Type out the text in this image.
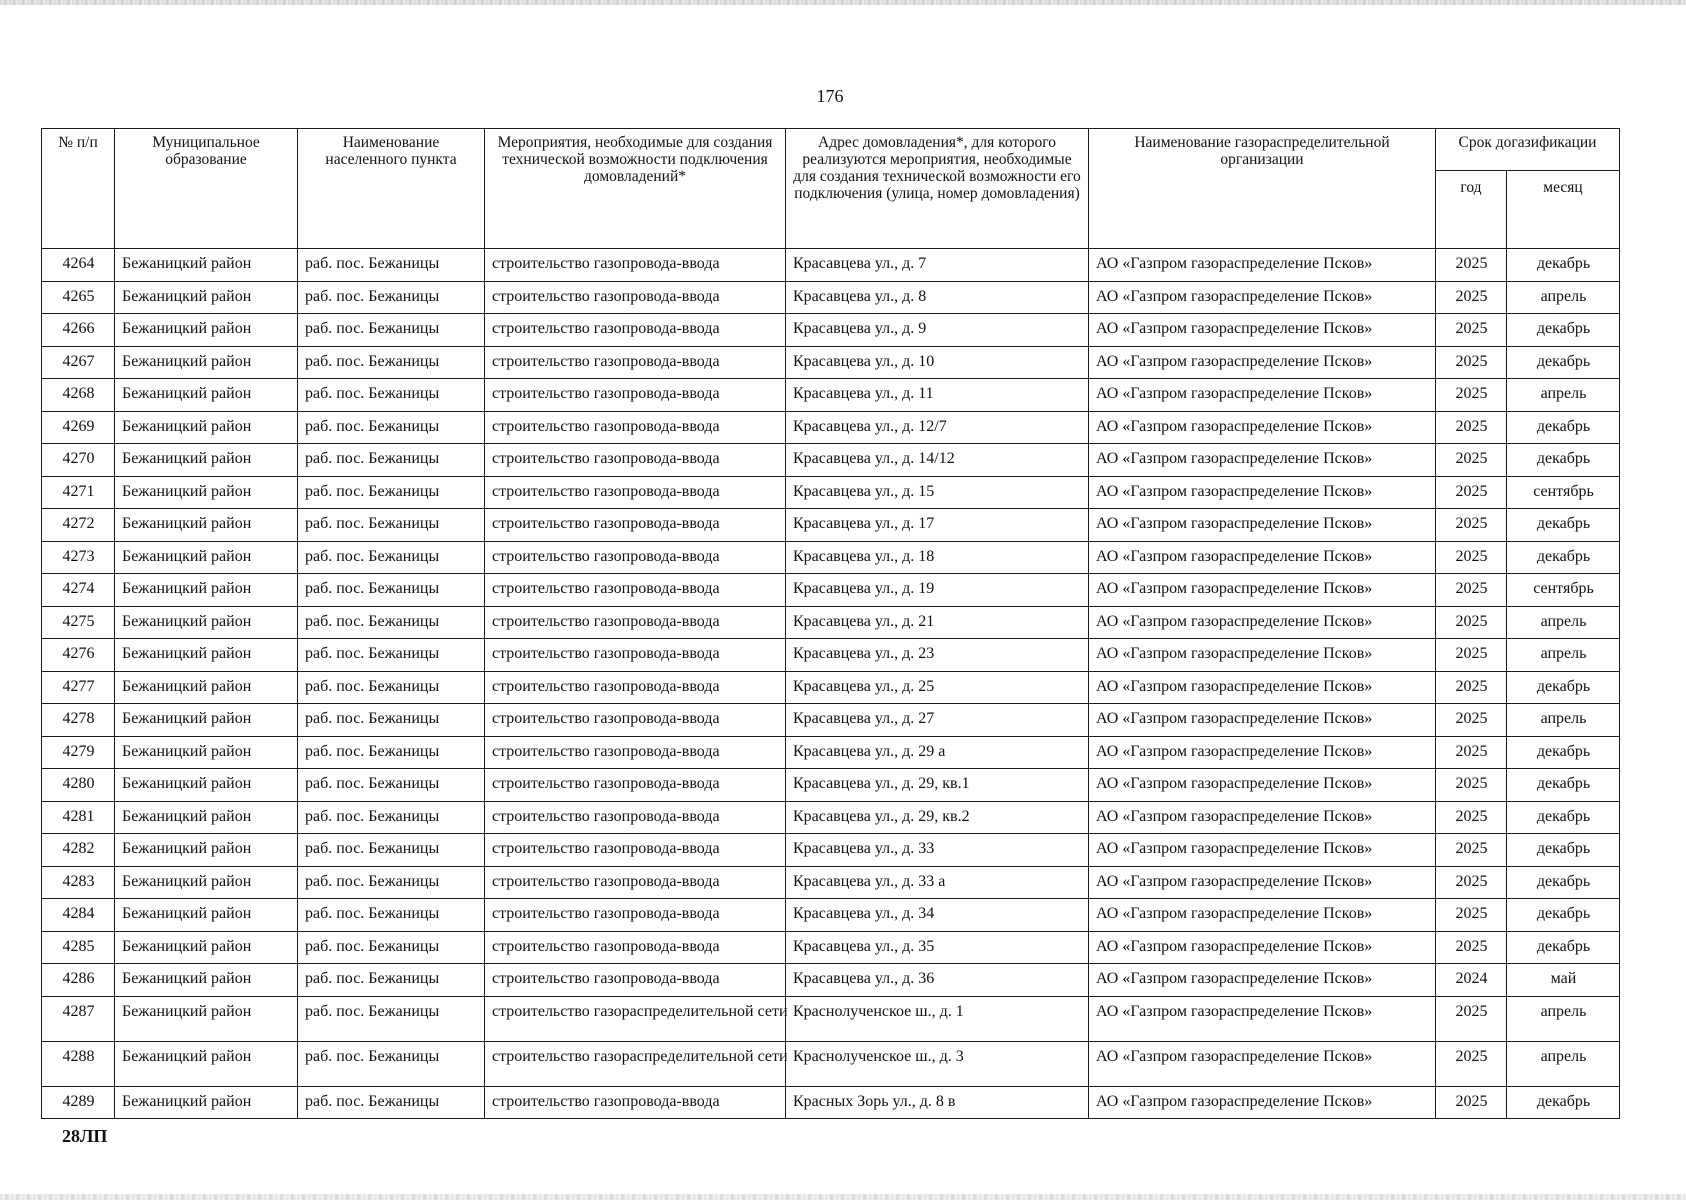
176
№ п/п	Муниципальное образование	Наименование населенного пункта	Мероприятия, необходимые для создания технической возможности подключения домовладений*	Адрес домовладения*, для которого реализуются мероприятия, необходимые для создания технической возможности его подключения (улица, номер домовладения)	Наименование газораспределительной организации	Срок догазификации	
						год	месяц
4264	Бежаницкий район	раб. пос. Бежаницы	строительство газопровода-ввода	Красавцева ул., д. 7	АО «Газпром газораспределение Псков»	2025	декабрь
4265	Бежаницкий район	раб. пос. Бежаницы	строительство газопровода-ввода	Красавцева ул., д. 8	АО «Газпром газораспределение Псков»	2025	апрель
4266	Бежаницкий район	раб. пос. Бежаницы	строительство газопровода-ввода	Красавцева ул., д. 9	АО «Газпром газораспределение Псков»	2025	декабрь
4267	Бежаницкий район	раб. пос. Бежаницы	строительство газопровода-ввода	Красавцева ул., д. 10	АО «Газпром газораспределение Псков»	2025	декабрь
4268	Бежаницкий район	раб. пос. Бежаницы	строительство газопровода-ввода	Красавцева ул., д. 11	АО «Газпром газораспределение Псков»	2025	апрель
4269	Бежаницкий район	раб. пос. Бежаницы	строительство газопровода-ввода	Красавцева ул., д. 12/7	АО «Газпром газораспределение Псков»	2025	декабрь
4270	Бежаницкий район	раб. пос. Бежаницы	строительство газопровода-ввода	Красавцева ул., д. 14/12	АО «Газпром газораспределение Псков»	2025	декабрь
4271	Бежаницкий район	раб. пос. Бежаницы	строительство газопровода-ввода	Красавцева ул., д. 15	АО «Газпром газораспределение Псков»	2025	сентябрь
4272	Бежаницкий район	раб. пос. Бежаницы	строительство газопровода-ввода	Красавцева ул., д. 17	АО «Газпром газораспределение Псков»	2025	декабрь
4273	Бежаницкий район	раб. пос. Бежаницы	строительство газопровода-ввода	Красавцева ул., д. 18	АО «Газпром газораспределение Псков»	2025	декабрь
4274	Бежаницкий район	раб. пос. Бежаницы	строительство газопровода-ввода	Красавцева ул., д. 19	АО «Газпром газораспределение Псков»	2025	сентябрь
4275	Бежаницкий район	раб. пос. Бежаницы	строительство газопровода-ввода	Красавцева ул., д. 21	АО «Газпром газораспределение Псков»	2025	апрель
4276	Бежаницкий район	раб. пос. Бежаницы	строительство газопровода-ввода	Красавцева ул., д. 23	АО «Газпром газораспределение Псков»	2025	апрель
4277	Бежаницкий район	раб. пос. Бежаницы	строительство газопровода-ввода	Красавцева ул., д. 25	АО «Газпром газораспределение Псков»	2025	декабрь
4278	Бежаницкий район	раб. пос. Бежаницы	строительство газопровода-ввода	Красавцева ул., д. 27	АО «Газпром газораспределение Псков»	2025	апрель
4279	Бежаницкий район	раб. пос. Бежаницы	строительство газопровода-ввода	Красавцева ул., д. 29 а	АО «Газпром газораспределение Псков»	2025	декабрь
4280	Бежаницкий район	раб. пос. Бежаницы	строительство газопровода-ввода	Красавцева ул., д. 29, кв.1	АО «Газпром газораспределение Псков»	2025	декабрь
4281	Бежаницкий район	раб. пос. Бежаницы	строительство газопровода-ввода	Красавцева ул., д. 29, кв.2	АО «Газпром газораспределение Псков»	2025	декабрь
4282	Бежаницкий район	раб. пос. Бежаницы	строительство газопровода-ввода	Красавцева ул., д. 33	АО «Газпром газораспределение Псков»	2025	декабрь
4283	Бежаницкий район	раб. пос. Бежаницы	строительство газопровода-ввода	Красавцева ул., д. 33 а	АО «Газпром газораспределение Псков»	2025	декабрь
4284	Бежаницкий район	раб. пос. Бежаницы	строительство газопровода-ввода	Красавцева ул., д. 34	АО «Газпром газораспределение Псков»	2025	декабрь
4285	Бежаницкий район	раб. пос. Бежаницы	строительство газопровода-ввода	Красавцева ул., д. 35	АО «Газпром газораспределение Псков»	2025	декабрь
4286	Бежаницкий район	раб. пос. Бежаницы	строительство газопровода-ввода	Красавцева ул., д. 36	АО «Газпром газораспределение Псков»	2024	май
4287	Бежаницкий район	раб. пос. Бежаницы	строительство газораспределительной сети	Краснолученское ш., д. 1	АО «Газпром газораспределение Псков»	2025	апрель
4288	Бежаницкий район	раб. пос. Бежаницы	строительство газораспределительной сети	Краснолученское ш., д. 3	АО «Газпром газораспределение Псков»	2025	апрель
4289	Бежаницкий район	раб. пос. Бежаницы	строительство газопровода-ввода	Красных Зорь ул., д. 8 в	АО «Газпром газораспределение Псков»	2025	декабрь
28ЛП
